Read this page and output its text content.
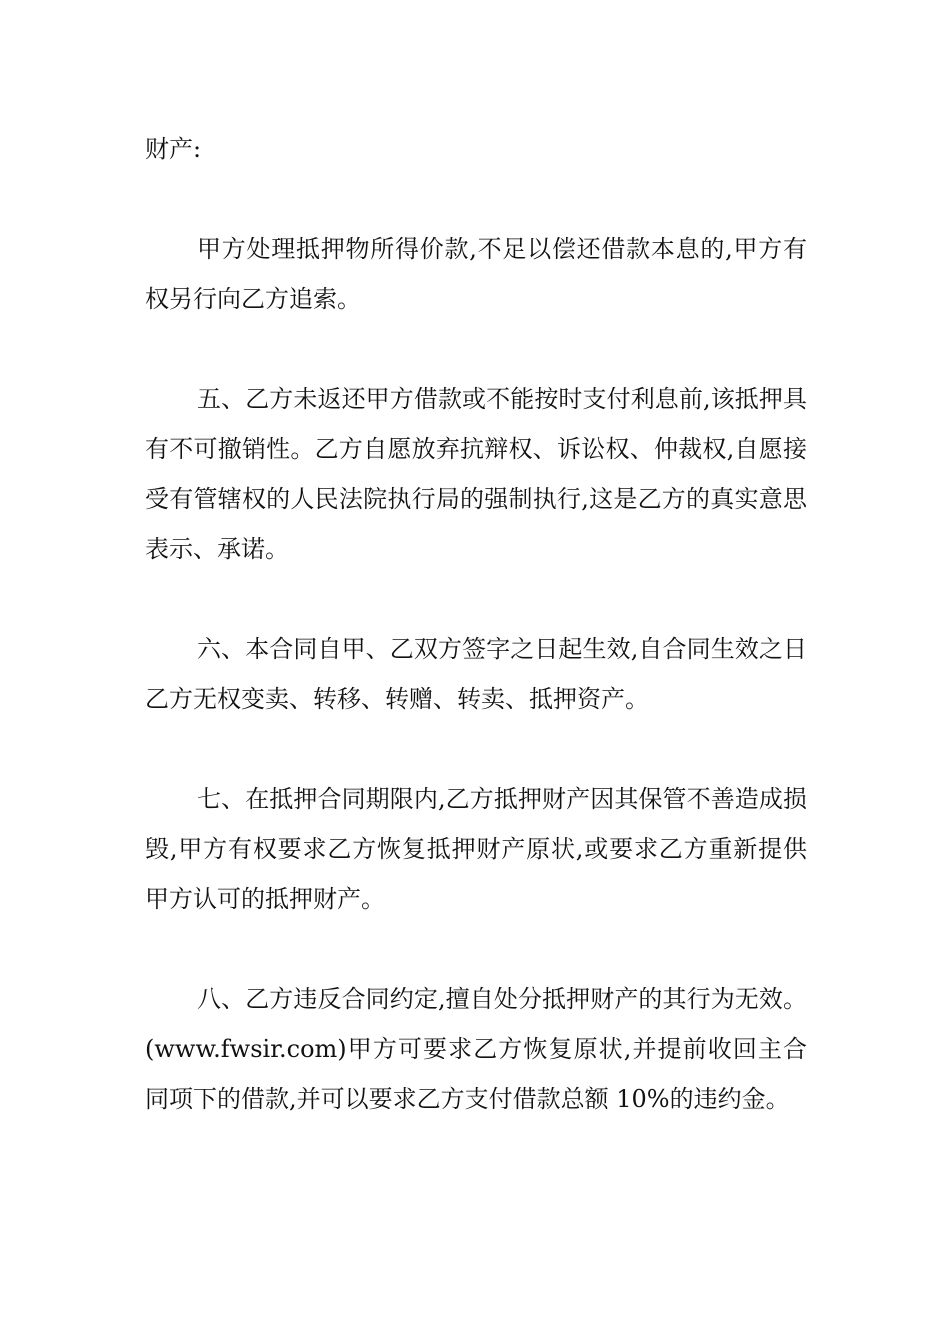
财产:

甲方处理抵押物所得价款,不足以偿还借款本息的,甲方有权另行向乙方追索。

五、乙方未返还甲方借款或不能按时支付利息前,该抵押具有不可撤销性。乙方自愿放弃抗辩权、诉讼权、仲裁权,自愿接受有管辖权的人民法院执行局的强制执行,这是乙方的真实意思表示、承诺。

六、本合同自甲、乙双方签字之日起生效,自合同生效之日乙方无权变卖、转移、转赠、转卖、抵押资产。

七、在抵押合同期限内,乙方抵押财产因其保管不善造成损毁,甲方有权要求乙方恢复抵押财产原状,或要求乙方重新提供甲方认可的抵押财产。

八、乙方违反合同约定,擅自处分抵押财产的其行为无效。(www.fwsir.com)甲方可要求乙方恢复原状,并提前收回主合同项下的借款,并可以要求乙方支付借款总额 10%的违约金。
